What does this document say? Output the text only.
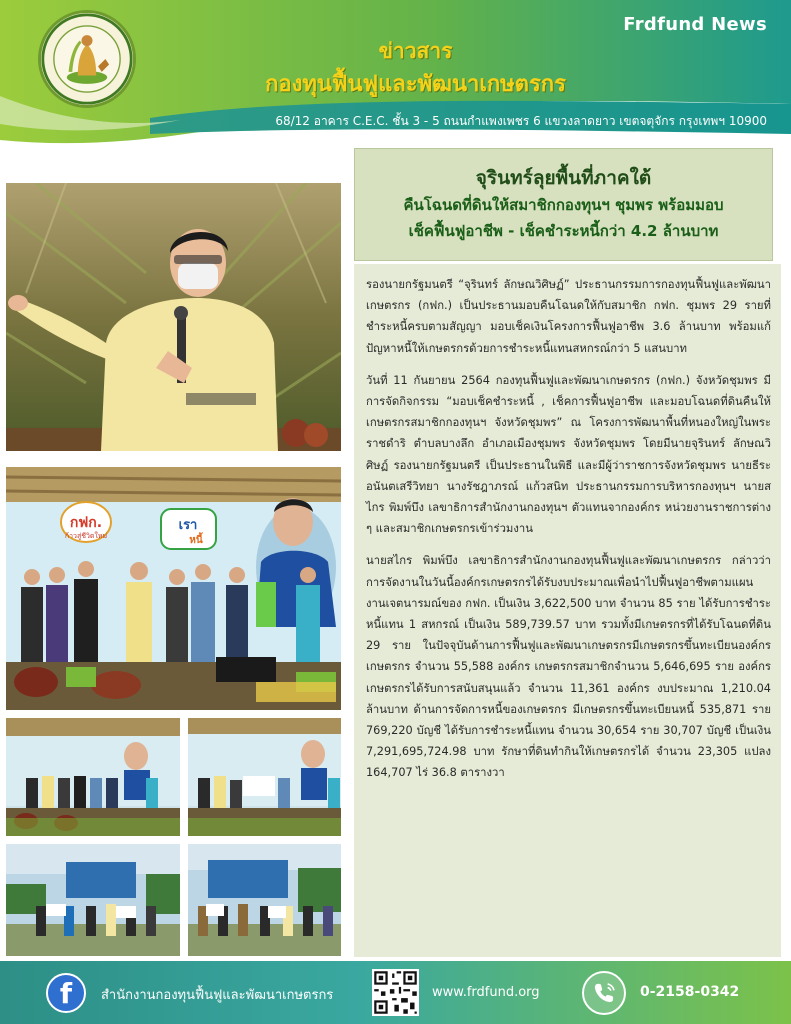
Frdfund News
ข่าวสาร
กองทุนฟื้นฟูและพัฒนาเกษตรกร
68/12 อาคาร C.E.C. ชั้น 3 - 5 ถนนกำแพงเพชร 6 แขวงลาดยาว เขตจตุจักร กรุงเทพฯ 10900
จุรินทร์ลุยพื้นที่ภาคใต้
คืนโฉนดที่ดินให้สมาชิกกองทุนฯ ชุมพร พร้อมมอบ
เช็คฟื้นฟูอาชีพ - เช็คชำระหนี้กว่า 4.2 ล้านบาท

รองนายกรัฐมนตรี “จุรินทร์ ลักษณวิศิษฏ์” ประธานกรรมการกองทุนฟื้นฟูและพัฒนาเกษตรกร (กฟก.) เป็นประธานมอบคืนโฉนดให้กับสมาชิก กฟก. ชุมพร 29 รายที่ชำระหนี้ครบตามสัญญา มอบเช็คเงินโครงการฟื้นฟูอาชีพ 3.6 ล้านบาท พร้อมแก้ปัญหาหนี้ให้เกษตรกรด้วยการชำระหนี้แทนสหกรณ์กว่า 5 แสนบาท

วันที่ 11 กันยายน 2564 กองทุนฟื้นฟูและพัฒนาเกษตรกร (กฟก.) จังหวัดชุมพร มีการจัดกิจกรรม “มอบเช็คชำระหนี้ , เช็คการฟื้นฟูอาชีพ และมอบโฉนดที่ดินคืนให้เกษตรกรสมาชิกกองทุนฯ จังหวัดชุมพร” ณ โครงการพัฒนาพื้นที่หนองใหญ่ในพระราชดำริ ตำบลบางลึก อำเภอเมืองชุมพร จังหวัดชุมพร โดยมีนายจุรินทร์ ลักษณวิศิษฏ์ รองนายกรัฐมนตรี เป็นประธานในพิธี และมีผู้ว่าราชการจังหวัดชุมพร นายธีระ อนันตเสรีวิทยา นางรัชฎาภรณ์ แก้วสนิท ประธานกรรมการบริหารกองทุนฯ นายสไกร พิมพ์บึง เลขาธิการสำนักงานกองทุนฯ ตัวแทนจากองค์กร หน่วยงานราชการต่าง ๆ และสมาชิกเกษตรกรเข้าร่วมงาน

นายสไกร พิมพ์บึง เลขาธิการสำนักงานกองทุนฟื้นฟูและพัฒนาเกษตรกร กล่าวว่า การจัดงานในวันนี้องค์กรเกษตรกรได้รับงบประมาณเพื่อนำไปฟื้นฟูอาชีพตามแผนงานเจตนารมณ์ของ กฟก. เป็นเงิน 3,622,500 บาท จำนวน 85 ราย ได้รับการชำระหนี้แทน 1 สหกรณ์ เป็นเงิน 589,739.57 บาท รวมทั้งมีเกษตรกรที่ได้รับโฉนดที่ดิน 29 ราย ในปัจจุบันด้านการฟื้นฟูและพัฒนาเกษตรกรมีเกษตรกรขึ้นทะเบียนองค์กรเกษตรกร จำนวน 55,588 องค์กร เกษตรกรสมาชิกจำนวน 5,646,695 ราย องค์กรเกษตรกรได้รับการสนับสนุนแล้ว จำนวน 11,361 องค์กร งบประมาณ 1,210.04 ล้านบาท ด้านการจัดการหนี้ของเกษตรกร มีเกษตรกรขึ้นทะเบียนหนี้ 535,871 ราย 769,220 บัญชี ได้รับการชำระหนี้แทน จำนวน 30,654 ราย 30,707 บัญชี เป็นเงิน 7,291,695,724.98 บาท รักษาที่ดินทำกินให้เกษตรกรได้ จำนวน 23,305 แปลง 164,707 ไร่ 36.8 ตารางวา

กฟก.
ก้าวสู่ชีวิตใหม่
เรา
หนี้
f	สำนักงานกองทุนฟื้นฟูและพัฒนาเกษตรกร	www.frdfund.org	0-2158-0342
